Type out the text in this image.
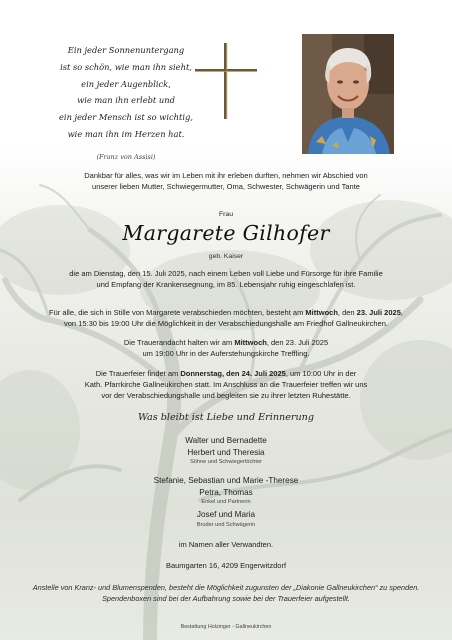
Ein jeder Sonnenuntergang
ist so schön, wie man ihn sieht,
ein jeder Augenblick,
wie man ihn erlebt und
ein jeder Mensch ist so wichtig,
wie man ihn im Herzen hat.
(Franz von Assisi)
Dankbar für alles, was wir im Leben mit ihr erleben durften, nehmen wir Abschied von
unserer lieben Mutter, Schwiegermutter, Oma, Schwester, Schwägerin und Tante
Frau
Margarete Gilhofer
geb. Kaiser
die am Dienstag, den 15. Juli 2025, nach einem Leben voll Liebe und Fürsorge für ihre Familie
und Empfang der Krankensegnung, im 85. Lebensjahr ruhig eingeschlafen ist.
Für alle, die sich in Stille von Margarete verabschieden möchten, besteht am Mittwoch, den 23. Juli 2025,
von 15:30 bis 19:00 Uhr die Möglichkeit in der Verabschiedungshalle am Friedhof Gallneukirchen.
Die Trauerandacht halten wir am Mittwoch, den 23. Juli 2025
um 19:00 Uhr in der Auferstehungskirche Treffling.
Die Trauerfeier findet am Donnerstag, den 24. Juli 2025, um 10:00 Uhr in der
Kath. Pfarrkirche Gallneukirchen statt. Im Anschluss an die Trauerfeier treffen wir uns
vor der Verabschiedungshalle und begleiten sie zu ihrer letzten Ruhestätte.
Was bleibt ist Liebe und Erinnerung
Walter und Bernadette
Herbert und Theresia
Söhne und Schwiegertöchter
Stefanie, Sebastian und Marie -Therese
Petra, Thomas
Enkel und Partnerin
Josef und Maria
Bruder und Schwägerin
im Namen aller Verwandten.
Baumgarten 16, 4209 Engerwitzdorf
Anstelle von Kranz- und Blumenspenden, besteht die Möglichkeit zugunsten der „Diakonie Gallneukirchen“ zu spenden.
Spendenboxen sind bei der Aufbahrung sowie bei der Trauerfeier aufgestellt.
Bestattung Holzinger - Gallneukirchen
